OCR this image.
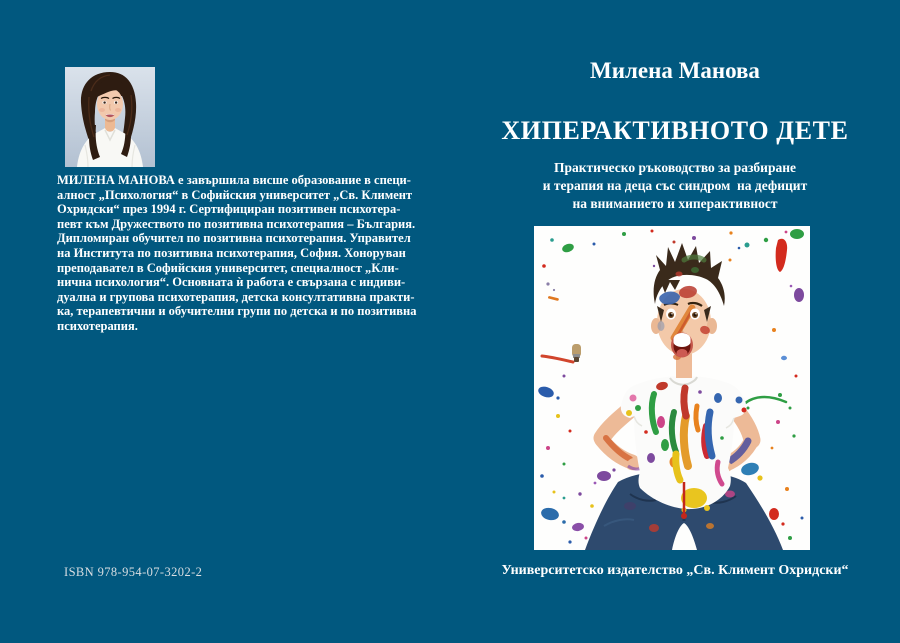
МИЛЕНА МАНОВА е завършила висше образование в специ-
алност „Психология“ в Софийския университет „Св. Климент
Охридски“ през 1994 г. Сертифициран позитивен психотера-
певт към Дружеството по позитивна психотерапия – България.
Дипломиран обучител по позитивна психотерапия. Управител
на Института по позитивна психотерапия, София. Хоноруван
преподавател в Софийския университет, специалност „Кли-
нична психология“. Основната ѝ работа е свързана с индиви-
дуална и групова психотерапия, детска консултативна практи-
ка, терапевтични и обучителни групи по детска и по позитивна
психотерапия.
ISBN 978-954-07-3202-2
Милена Манова
ХИПЕРАКТИВНОТО ДЕТЕ
Практическо ръководство за разбиране
и терапия на деца със синдром  на дефицит
на вниманието и хиперактивност
Университетско издателство „Св. Климент Охридски“
